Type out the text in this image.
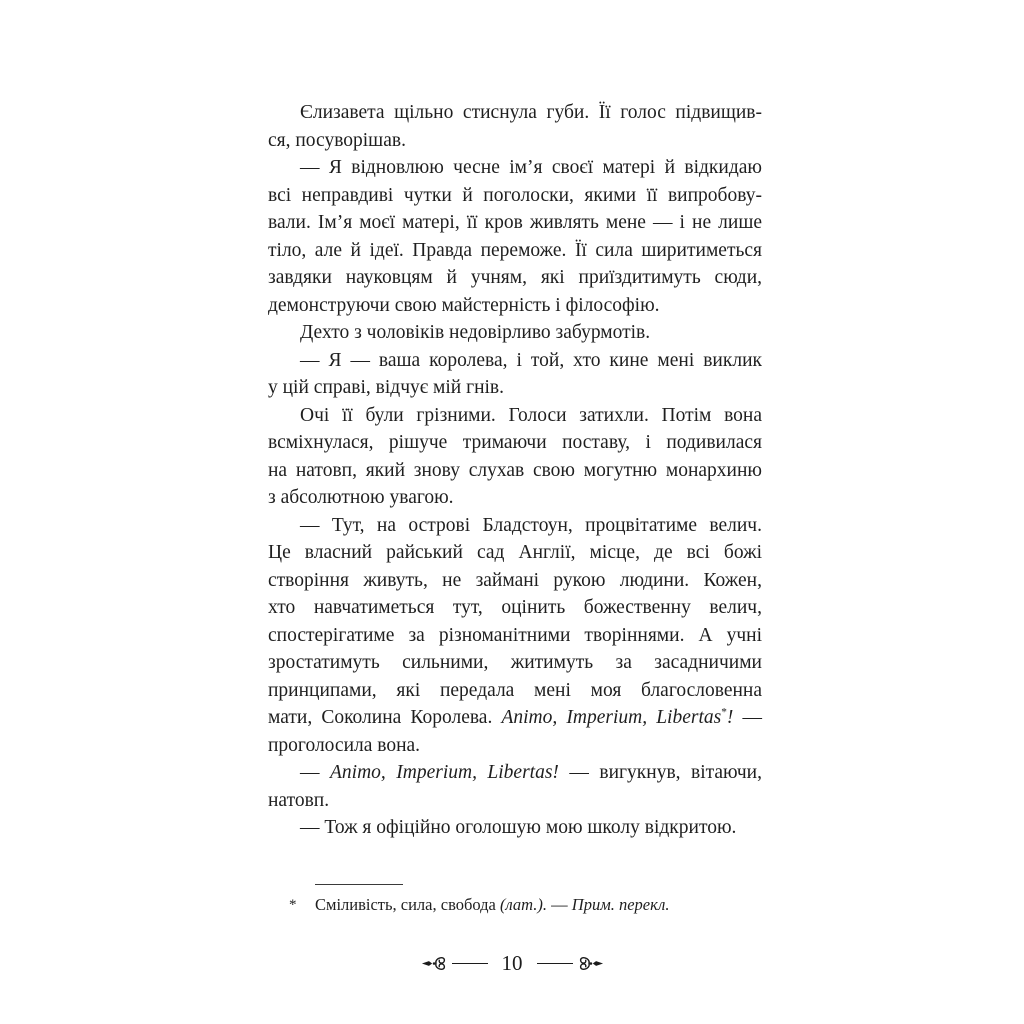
Єлизавета щільно стиснула губи. Її голос підвищив-
ся, посуворішав.
— Я відновлюю чесне ім’я своєї матері й відкидаю
всі неправдиві чутки й поголоски, якими її випробову-
вали. Ім’я моєї матері, її кров живлять мене — і не лише
тіло, але й ідеї. Правда переможе. Її сила ширитиметься
завдяки науковцям й учням, які приїздитимуть сюди,
демонструючи свою майстерність і філософію.
Дехто з чоловіків недовірливо забурмотів.
— Я — ваша королева, і той, хто кине мені виклик
у цій справі, відчує мій гнів.
Очі її були грізними. Голоси затихли. Потім вона
всміхнулася, рішуче тримаючи поставу, і подивилася
на натовп, який знову слухав свою могутню монархиню
з абсолютною увагою.
— Тут, на острові Бладстоун, процвітатиме велич.
Це власний райський сад Англії, місце, де всі божі
створіння живуть, не займані рукою людини. Кожен,
хто навчатиметься тут, оцінить божественну велич,
спостерігатиме за різноманітними творіннями. А учні
зростатимуть сильними, житимуть за засадничими
принципами, які передала мені моя благословенна
мати, Соколина Королева. Animo, Imperium, Libertas*! —
проголосила вона.
— Animo, Imperium, Libertas! — вигукнув, вітаючи,
натовп.
— Тож я офіційно оголошую мою школу відкритою.
*	Сміливість, сила, свобода (лат.). — Прим. перекл.
10
